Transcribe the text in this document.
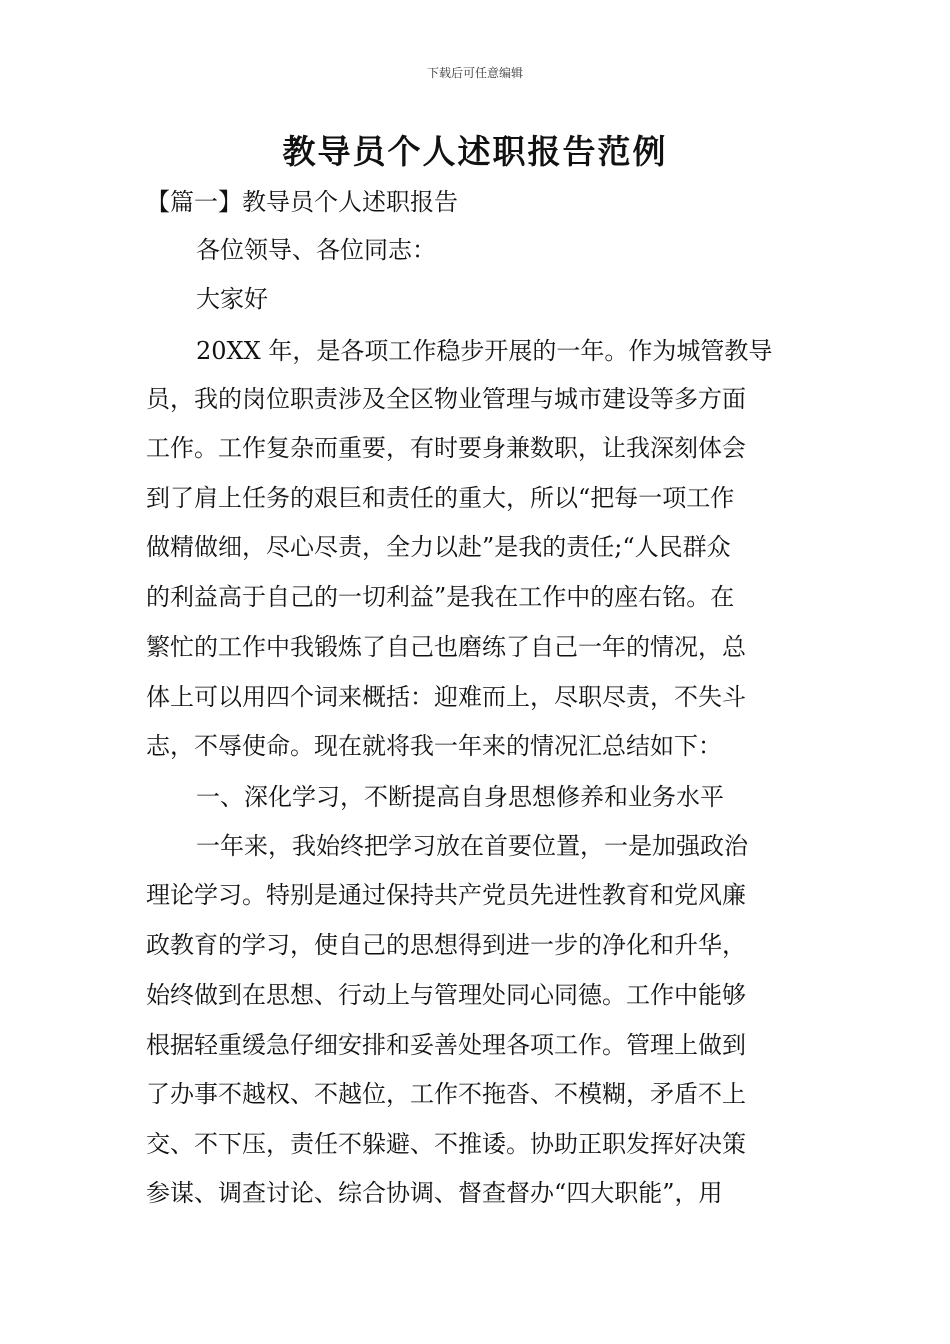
下载后可任意编辑
教导员个人述职报告范例
【篇一】教导员个人述职报告
各位领导、各位同志：
大家好
20XX 年，是各项工作稳步开展的一年。作为城管教导
员，我的岗位职责涉及全区物业管理与城市建设等多方面
工作。工作复杂而重要，有时要身兼数职，让我深刻体会
到了肩上任务的艰巨和责任的重大，所以“把每一项工作
做精做细，尽心尽责，全力以赴”是我的责任;“人民群众
的利益高于自己的一切利益”是我在工作中的座右铭。在
繁忙的工作中我锻炼了自己也磨练了自己一年的情况，总
体上可以用四个词来概括：迎难而上，尽职尽责，不失斗
志，不辱使命。现在就将我一年来的情况汇总结如下：
一、深化学习，不断提高自身思想修养和业务水平
一年来，我始终把学习放在首要位置，一是加强政治
理论学习。特别是通过保持共产党员先进性教育和党风廉
政教育的学习，使自己的思想得到进一步的净化和升华，
始终做到在思想、行动上与管理处同心同德。工作中能够
根据轻重缓急仔细安排和妥善处理各项工作。管理上做到
了办事不越权、不越位，工作不拖沓、不模糊，矛盾不上
交、不下压，责任不躲避、不推诿。协助正职发挥好决策
参谋、调查讨论、综合协调、督查督办“四大职能”，用
